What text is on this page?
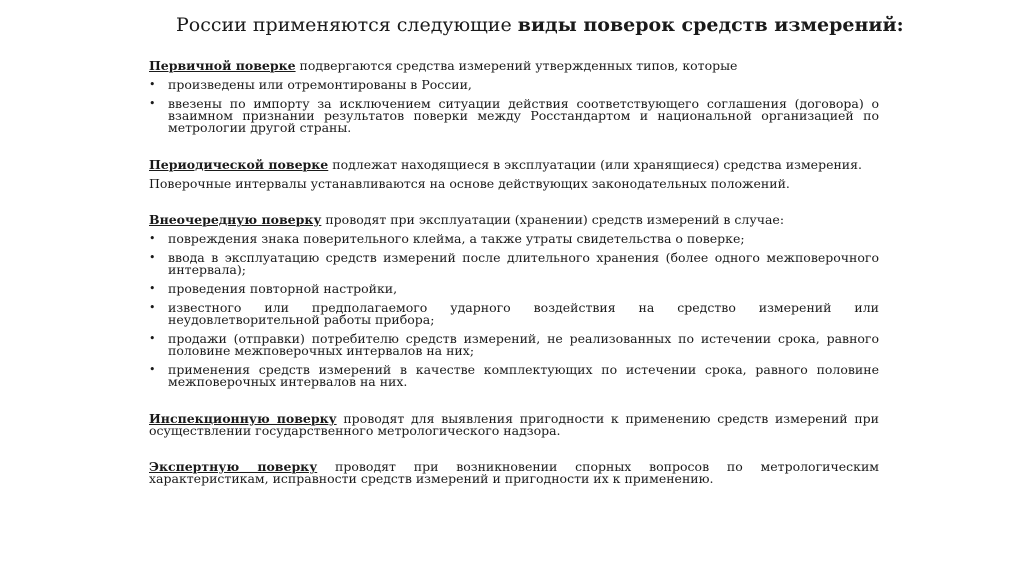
России применяются следующие виды поверок средств измерений:

Первичной поверке подвергаются средства измерений утвержденных типов, которые

• произведены или отремонтированы в России,
• ввезены по импорту за исключением ситуации действия соответствующего соглашения (договора) о взаимном признании результатов поверки между Росстандартом и национальной организацией по метрологии другой страны.

Периодической поверке подлежат находящиеся в эксплуатации (или хранящиеся) средства измерения.

Поверочные интервалы устанавливаются на основе действующих законодательных положений.

Внеочередную поверку проводят при эксплуатации (хранении) средств измерений в случае:

• повреждения знака поверительного клейма, а также утраты свидетельства о поверке;
• ввода в эксплуатацию средств измерений после длительного хранения (более одного межповерочного интервала);
• проведения повторной настройки,
• известного или предполагаемого ударного воздействия на средство измерений или неудовлетворительной работы прибора;
• продажи (отправки) потребителю средств измерений, не реализованных по истечении срока, равного половине межповерочных интервалов на них;
• применения средств измерений в качестве комплектующих по истечении срока, равного половине межповерочных интервалов на них.

Инспекционную поверку проводят для выявления пригодности к применению средств измерений при осуществлении государственного метрологического надзора.

Экспертную поверку проводят при возникновении спорных вопросов по метрологическим характеристикам, исправности средств измерений и пригодности их к применению.
